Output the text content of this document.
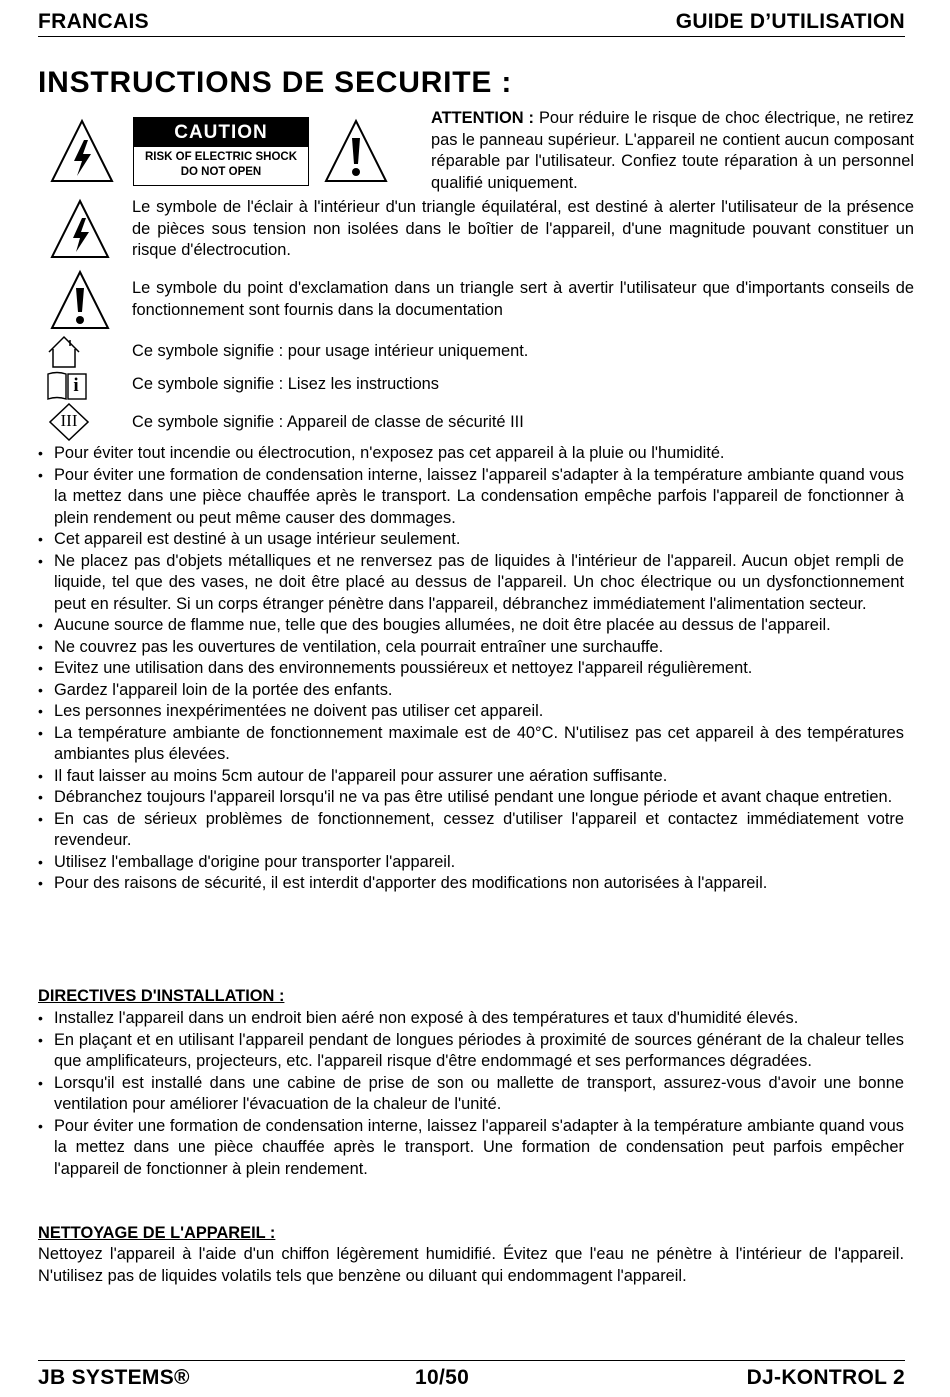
FRANCAIS	GUIDE D’UTILISATION
INSTRUCTIONS DE SECURITE :
CAUTION
RISK OF ELECTRIC SHOCK
DO NOT OPEN
ATTENTION : Pour réduire le risque de choc électrique, ne retirez pas le panneau supérieur. L'appareil ne contient aucun composant réparable par l'utilisateur. Confiez toute réparation à un personnel qualifié uniquement.
Le symbole de l'éclair à l'intérieur d'un triangle équilatéral, est destiné à alerter l'utilisateur de la présence de pièces sous tension non isolées dans le boîtier de l'appareil, d'une magnitude pouvant constituer un risque d'électrocution.
Le symbole du point d'exclamation dans un triangle sert à avertir l'utilisateur que d'importants conseils de fonctionnement sont fournis dans la documentation
Ce symbole signifie : pour usage intérieur uniquement.
i	Ce symbole signifie : Lisez les instructions
III	Ce symbole signifie : Appareil de classe de sécurité III
• Pour éviter tout incendie ou électrocution, n'exposez pas cet appareil à la pluie ou l'humidité.
• Pour éviter une formation de condensation interne, laissez l'appareil s'adapter à la température ambiante quand vous la mettez dans une pièce chauffée après le transport. La condensation empêche parfois l'appareil de fonctionner à plein rendement ou peut même causer des dommages.
• Cet appareil est destiné à un usage intérieur seulement.
• Ne placez pas d'objets métalliques et ne renversez pas de liquides à l'intérieur de l'appareil. Aucun objet rempli de liquide, tel que des vases, ne doit être placé au dessus de l'appareil. Un choc électrique ou un dysfonctionnement peut en résulter. Si un corps étranger pénètre dans l'appareil, débranchez immédiatement l'alimentation secteur.
• Aucune source de flamme nue, telle que des bougies allumées, ne doit être placée au dessus de l'appareil.
• Ne couvrez pas les ouvertures de ventilation, cela pourrait entraîner une surchauffe.
• Evitez une utilisation dans des environnements poussiéreux et nettoyez l'appareil régulièrement.
• Gardez l'appareil loin de la portée des enfants.
• Les personnes inexpérimentées ne doivent pas utiliser cet appareil.
• La température ambiante de fonctionnement maximale est de 40°C. N'utilisez pas cet appareil à des températures ambiantes plus élevées.
• Il faut laisser au moins 5cm autour de l'appareil pour assurer une aération suffisante.
• Débranchez toujours l'appareil lorsqu'il ne va pas être utilisé pendant une longue période et avant chaque entretien.
• En cas de sérieux problèmes de fonctionnement, cessez d'utiliser l'appareil et contactez immédiatement votre revendeur.
• Utilisez l'emballage d'origine pour transporter l'appareil.
• Pour des raisons de sécurité, il est interdit d'apporter des modifications non autorisées à l'appareil.
DIRECTIVES D'INSTALLATION :
• Installez l'appareil dans un endroit bien aéré non exposé à des températures et taux d'humidité élevés.
• En plaçant et en utilisant l'appareil pendant de longues périodes à proximité de sources générant de la chaleur telles que amplificateurs, projecteurs, etc. l'appareil risque d'être endommagé et ses performances dégradées.
• Lorsqu'il est installé dans une cabine de prise de son ou mallette de transport, assurez-vous d'avoir une bonne ventilation pour améliorer l'évacuation de la chaleur de l'unité.
• Pour éviter une formation de condensation interne, laissez l'appareil s'adapter à la température ambiante quand vous la mettez dans une pièce chauffée après le transport. Une formation de condensation peut parfois empêcher l'appareil de fonctionner à plein rendement.
NETTOYAGE DE L'APPAREIL :
Nettoyez l'appareil à l'aide d'un chiffon légèrement humidifié. Évitez que l'eau ne pénètre à l'intérieur de l'appareil. N'utilisez pas de liquides volatils tels que benzène ou diluant qui endommagent l'appareil.
JB SYSTEMS®	10/50	DJ-KONTROL 2
